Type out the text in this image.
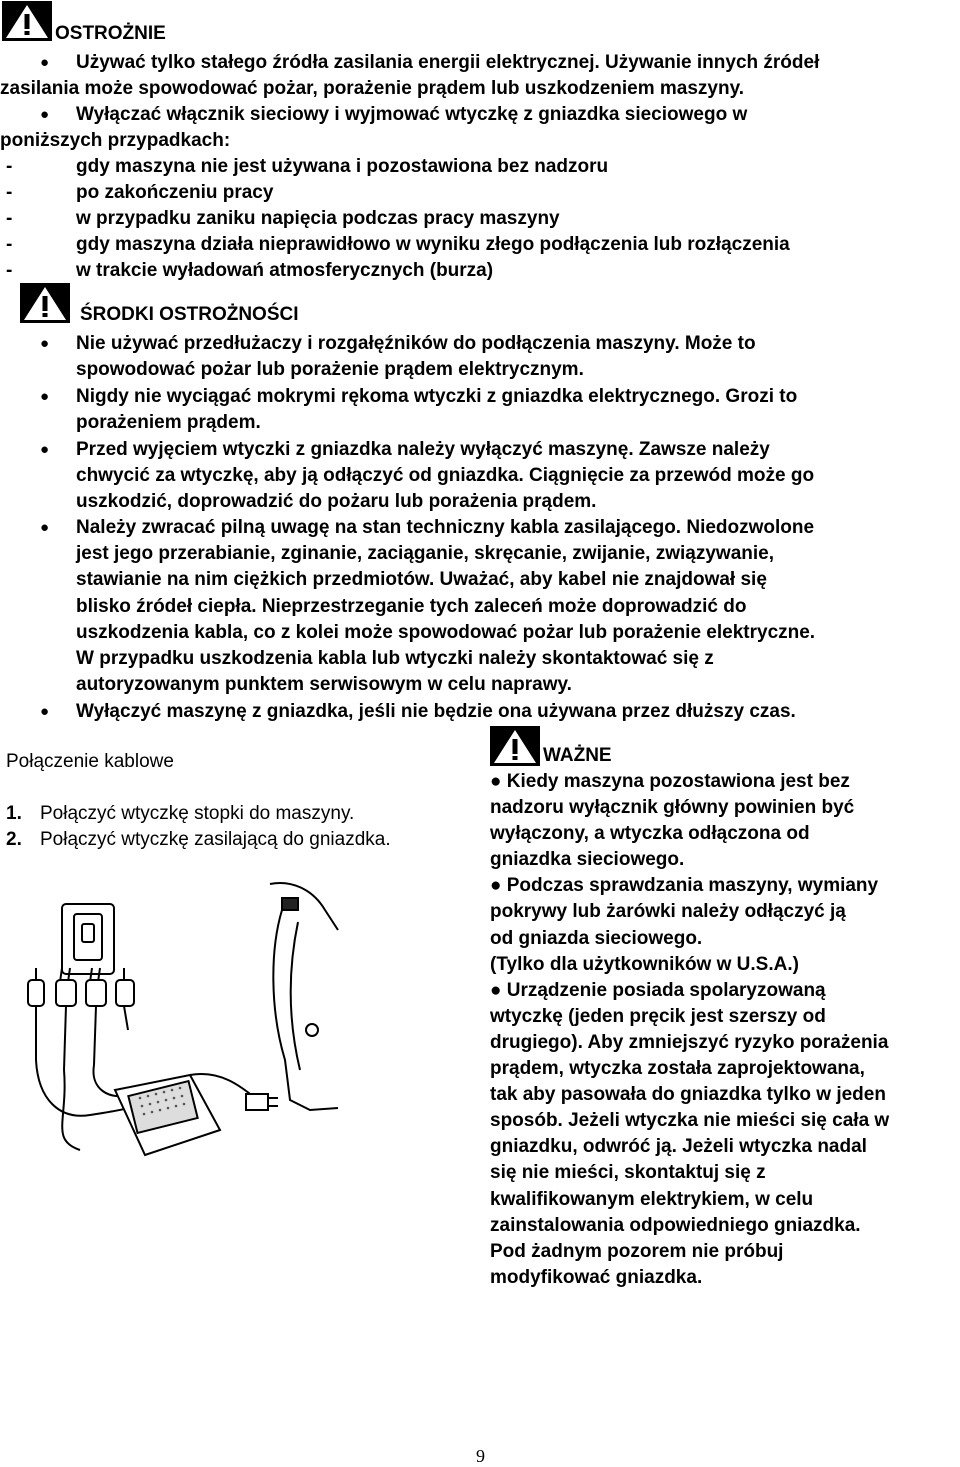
OSTROŻNIE
● Używać tylko stałego źródła zasilania energii elektrycznej. Używanie innych źródeł
zasilania może spowodować pożar, porażenie prądem lub uszkodzeniem maszyny.
● Wyłączać włącznik sieciowy i wyjmować wtyczkę z gniazdka sieciowego w
poniższych przypadkach:
-	gdy maszyna nie jest używana i pozostawiona bez nadzoru
-	po zakończeniu pracy
-	w przypadku zaniku napięcia podczas pracy maszyny
-	gdy maszyna działa nieprawidłowo w wyniku złego podłączenia lub rozłączenia
-	w trakcie wyładowań atmosferycznych (burza)
ŚRODKI OSTROŻNOŚCI
● Nie używać przedłużaczy i rozgałęźników do podłączenia maszyny. Może to
spowodować pożar lub porażenie prądem elektrycznym.
● Nigdy nie wyciągać mokrymi rękoma wtyczki z gniazdka elektrycznego. Grozi to
porażeniem prądem.
● Przed wyjęciem wtyczki z gniazdka należy wyłączyć maszynę. Zawsze należy
chwycić za wtyczkę, aby ją odłączyć od gniazdka. Ciągnięcie za przewód może go
uszkodzić, doprowadzić do pożaru lub porażenia prądem.
● Należy zwracać pilną uwagę na stan techniczny kabla zasilającego. Niedozwolone
jest jego przerabianie, zginanie, zaciąganie, skręcanie, zwijanie, związywanie,
stawianie na nim ciężkich przedmiotów. Uważać, aby kabel nie znajdował się
blisko źródeł ciepła. Nieprzestrzeganie tych zaleceń może doprowadzić do
uszkodzenia kabla, co z kolei może spowodować pożar lub porażenie elektryczne.
W przypadku uszkodzenia kabla lub wtyczki należy skontaktować się z
autoryzowanym punktem serwisowym w celu naprawy.
● Wyłączyć maszynę z gniazdka, jeśli nie będzie ona używana przez dłuższy czas.
Połączenie kablowe
1. Połączyć wtyczkę stopki do maszyny.
2. Połączyć wtyczkę zasilającą do gniazdka.
WAŻNE
● Kiedy maszyna pozostawiona jest bez
nadzoru wyłącznik główny powinien być
wyłączony, a wtyczka odłączona od
gniazdka sieciowego.
● Podczas sprawdzania maszyny, wymiany
pokrywy lub żarówki należy odłączyć ją
od gniazda sieciowego.
(Tylko dla użytkowników w U.S.A.)
● Urządzenie posiada spolaryzowaną
wtyczkę (jeden pręcik jest szerszy od
drugiego). Aby zmniejszyć ryzyko porażenia
prądem, wtyczka została zaprojektowana,
tak aby pasowała do gniazdka tylko w jeden
sposób. Jeżeli wtyczka nie mieści się cała w
gniazdku, odwróć ją. Jeżeli wtyczka nadal
się nie mieści, skontaktuj się z
kwalifikowanym elektrykiem, w celu
zainstalowania odpowiedniego gniazdka.
Pod żadnym pozorem nie próbuj
modyfikować gniazdka.
9
